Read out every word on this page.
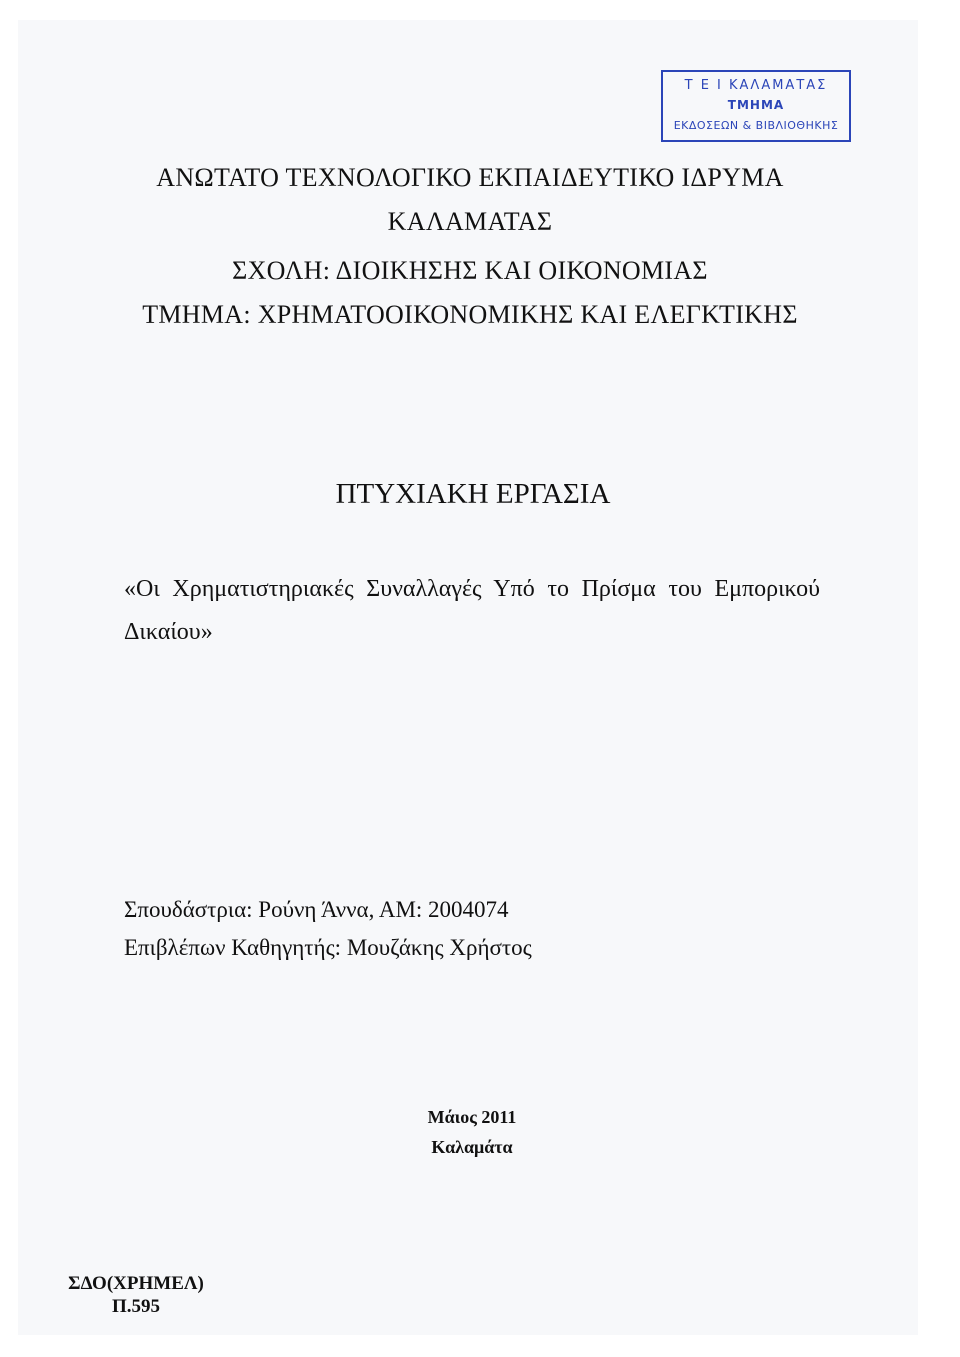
Τ Ε Ι ΚΑΛΑΜΑΤΑΣ
ΤΜΗΜΑ
ΕΚΔΟΣΕΩΝ & ΒΙΒΛΙΟΘΗΚΗΣ
ΑΝΩΤΑΤΟ ΤΕΧΝΟΛΟΓΙΚΟ ΕΚΠΑΙΔΕΥΤΙΚΟ ΙΔΡΥΜΑ
ΚΑΛΑΜΑΤΑΣ
ΣΧΟΛΗ: ΔΙΟΙΚΗΣΗΣ ΚΑΙ ΟΙΚΟΝΟΜΙΑΣ
ΤΜΗΜΑ: ΧΡΗΜΑΤΟΟΙΚΟΝΟΜΙΚΗΣ ΚΑΙ ΕΛΕΓΚΤΙΚΗΣ
ΠΤΥΧΙΑΚΗ ΕΡΓΑΣΙΑ
«Οι Χρηματιστηριακές Συναλλαγές Υπό το Πρίσμα του Εμπορικού
Δικαίου»
Σπουδάστρια: Ρούνη Άννα, ΑΜ: 2004074
Επιβλέπων Καθηγητής: Μουζάκης Χρήστος
Μάιος 2011
Καλαμάτα
ΣΔΟ(ΧΡΗΜΕΛ)
Π.595
